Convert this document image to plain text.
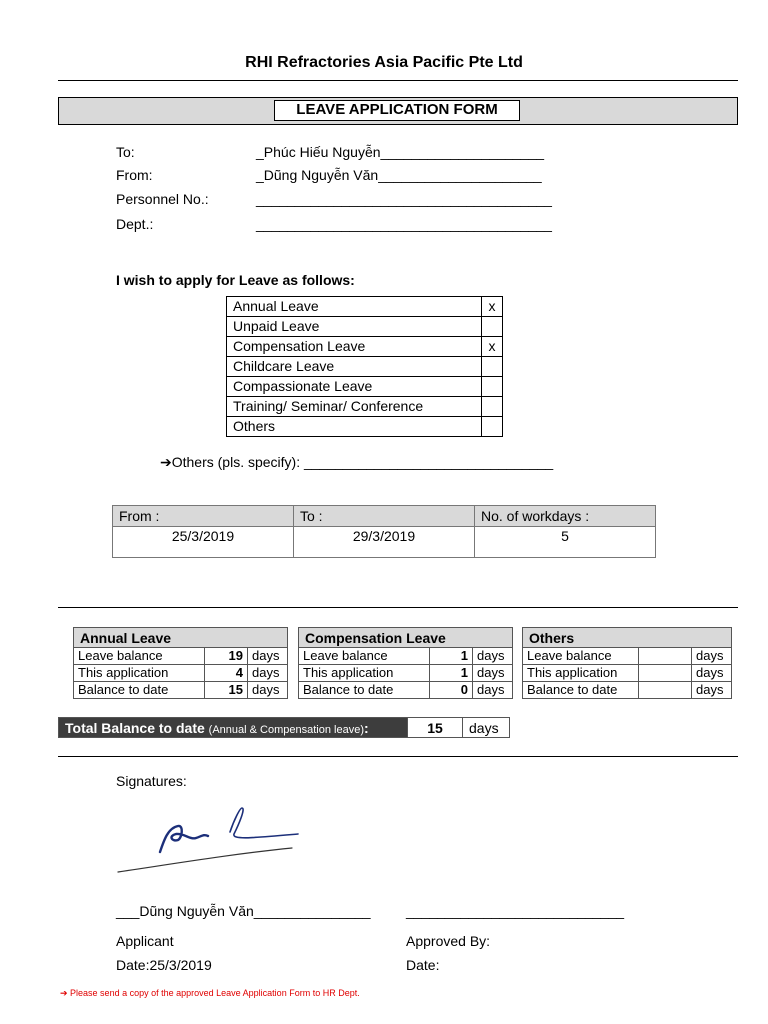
RHI Refractories Asia Pacific Pte Ltd
LEAVE APPLICATION FORM
To:	_Phúc Hiếu Nguyễn_____________________
From:	_Dũng Nguyễn Văn_____________________
Personnel No.:	______________________________________
Dept.:	______________________________________
I wish to apply for Leave as follows:
Annual Leave	x
Unpaid Leave	
Compensation Leave	x
Childcare Leave	
Compassionate Leave	
Training/ Seminar/ Conference	
Others	
➔Others (pls. specify): ________________________________
From :	To :	No. of workdays :
25/3/2019	29/3/2019	5
Annual Leave		
Leave balance	19	days
This application	4	days
Balance to date	15	days
Compensation Leave		
Leave balance	1	days
This application	1	days
Balance to date	0	days
Others		
Leave balance		days
This application		days
Balance to date		days
Total Balance to date (Annual & Compensation leave):	15	days
Signatures:
___Dũng Nguyễn Văn_______________	____________________________
Applicant	Approved By:
Date:25/3/2019	Date:
➔ Please send a copy of the approved Leave Application Form to HR Dept.
